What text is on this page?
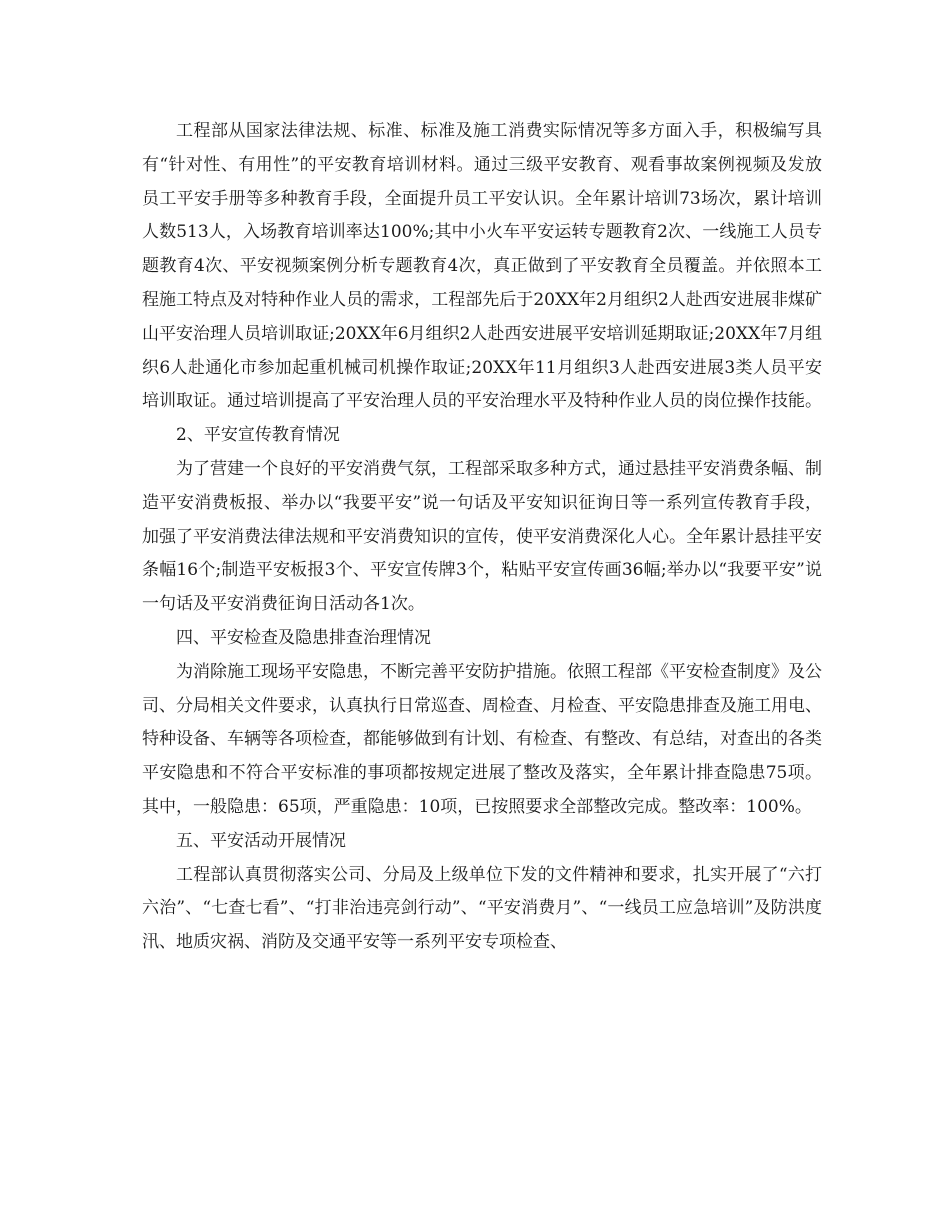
工程部从国家法律法规、标准、标准及施工消费实际情况等多方面入手，积极编写具有“针对性、有用性”的平安教育培训材料。通过三级平安教育、观看事故案例视频及发放员工平安手册等多种教育手段，全面提升员工平安认识。全年累计培训73场次，累计培训人数513人，入场教育培训率达100%;其中小火车平安运转专题教育2次、一线施工人员专题教育4次、平安视频案例分析专题教育4次，真正做到了平安教育全员覆盖。并依照本工程施工特点及对特种作业人员的需求，工程部先后于20XX年2月组织2人赴西安进展非煤矿山平安治理人员培训取证;20XX年6月组织2人赴西安进展平安培训延期取证;20XX年7月组织6人赴通化市参加起重机械司机操作取证;20XX年11月组织3人赴西安进展3类人员平安培训取证。通过培训提高了平安治理人员的平安治理水平及特种作业人员的岗位操作技能。

2、平安宣传教育情况

为了营建一个良好的平安消费气氛，工程部采取多种方式，通过悬挂平安消费条幅、制造平安消费板报、举办以“我要平安”说一句话及平安知识征询日等一系列宣传教育手段，加强了平安消费法律法规和平安消费知识的宣传，使平安消费深化人心。全年累计悬挂平安条幅16个;制造平安板报3个、平安宣传牌3个，粘贴平安宣传画36幅;举办以“我要平安”说一句话及平安消费征询日活动各1次。

四、平安检查及隐患排查治理情况

为消除施工现场平安隐患，不断完善平安防护措施。依照工程部《平安检查制度》及公司、分局相关文件要求，认真执行日常巡查、周检查、月检查、平安隐患排查及施工用电、特种设备、车辆等各项检查，都能够做到有计划、有检查、有整改、有总结，对查出的各类平安隐患和不符合平安标准的事项都按规定进展了整改及落实，全年累计排查隐患75项。其中，一般隐患：65项，严重隐患：10项，已按照要求全部整改完成。整改率：100%。

五、平安活动开展情况

工程部认真贯彻落实公司、分局及上级单位下发的文件精神和要求，扎实开展了“六打六治”、“七查七看”、“打非治违亮剑行动”、“平安消费月”、“一线员工应急培训”及防洪度汛、地质灾祸、消防及交通平安等一系列平安专项检查、
